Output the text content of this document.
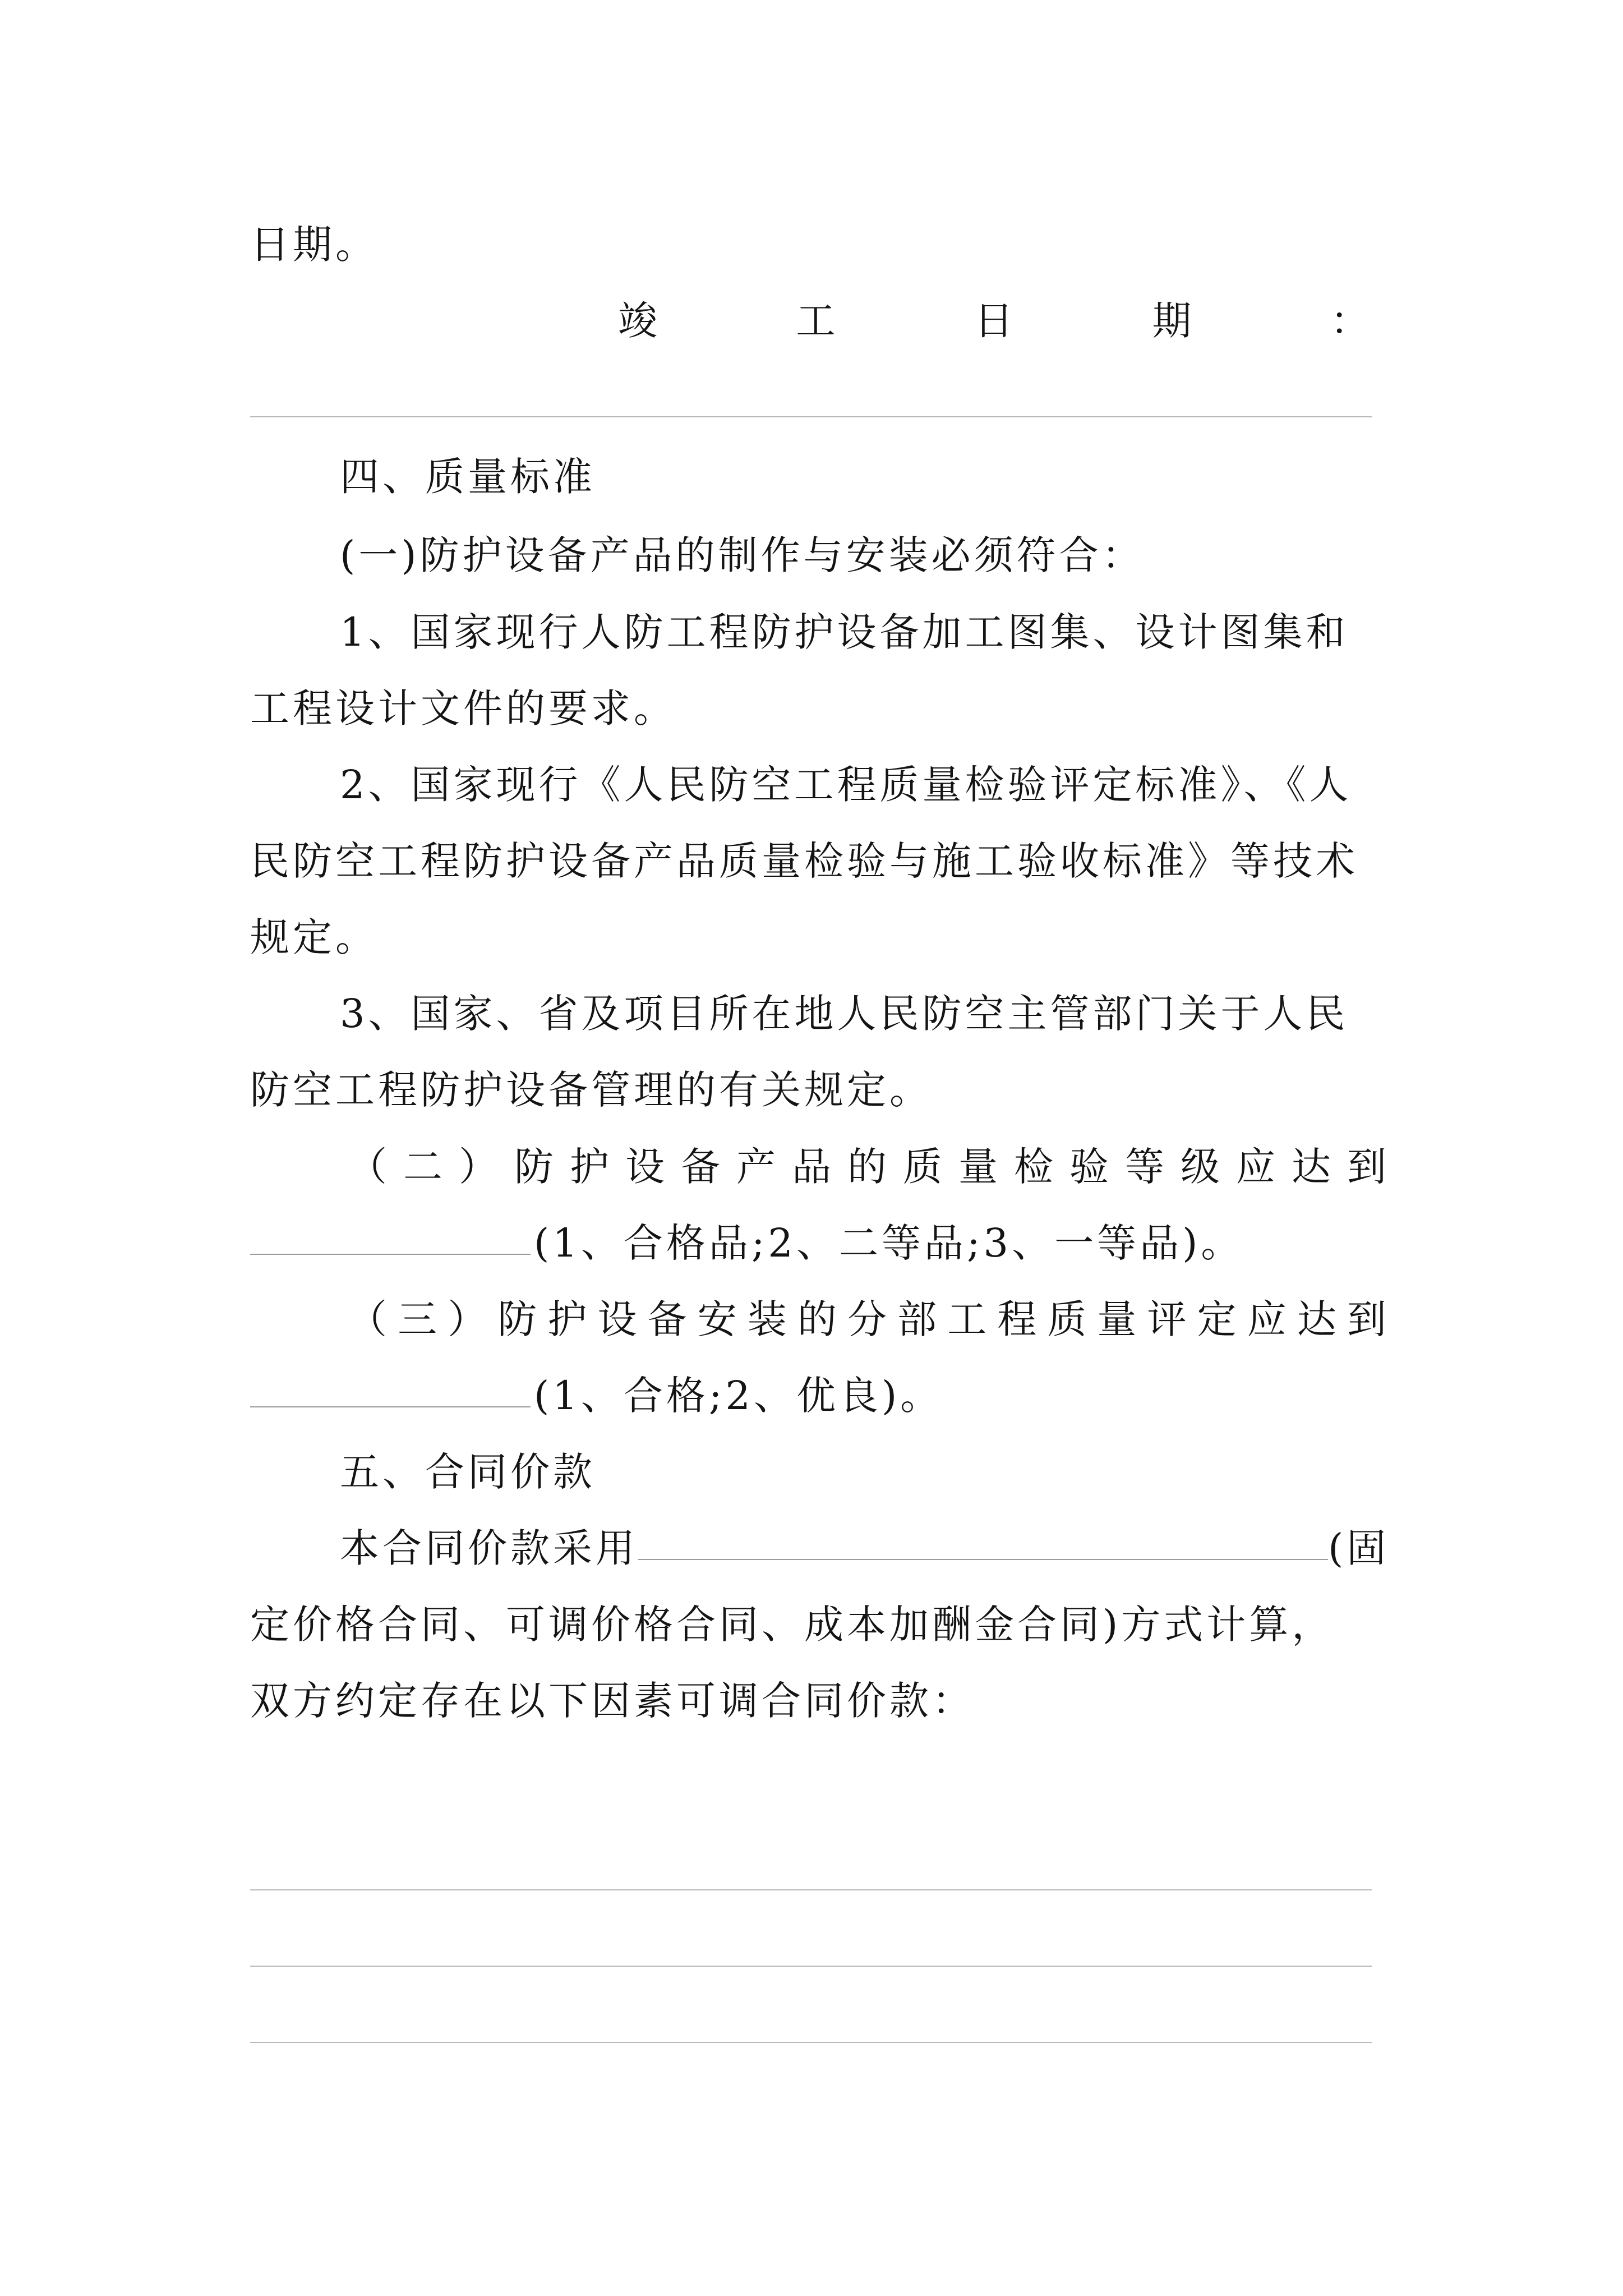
日期。
竣	工	日	期	：
四、质量标准
(一)防护设备产品的制作与安装必须符合：
1、国家现行人防工程防护设备加工图集、设计图集和
工程设计文件的要求。
2、国家现行《人民防空工程质量检验评定标准》、《人
民防空工程防护设备产品质量检验与施工验收标准》等技术
规定。
3、国家、省及项目所在地人民防空主管部门关于人民
防空工程防护设备管理的有关规定。
（ 二 ） 防 护 设 备 产 品 的 质 量 检 验 等 级 应 达 到
(1、合格品;2、二等品;3、一等品)。
（ 三 ） 防 护 设 备 安 装 的 分 部 工 程 质 量 评 定 应 达 到
(1、合格;2、优良)。
五、合同价款
本合同价款采用	(固
定价格合同、可调价格合同、成本加酬金合同)方式计算，
双方约定存在以下因素可调合同价款：
